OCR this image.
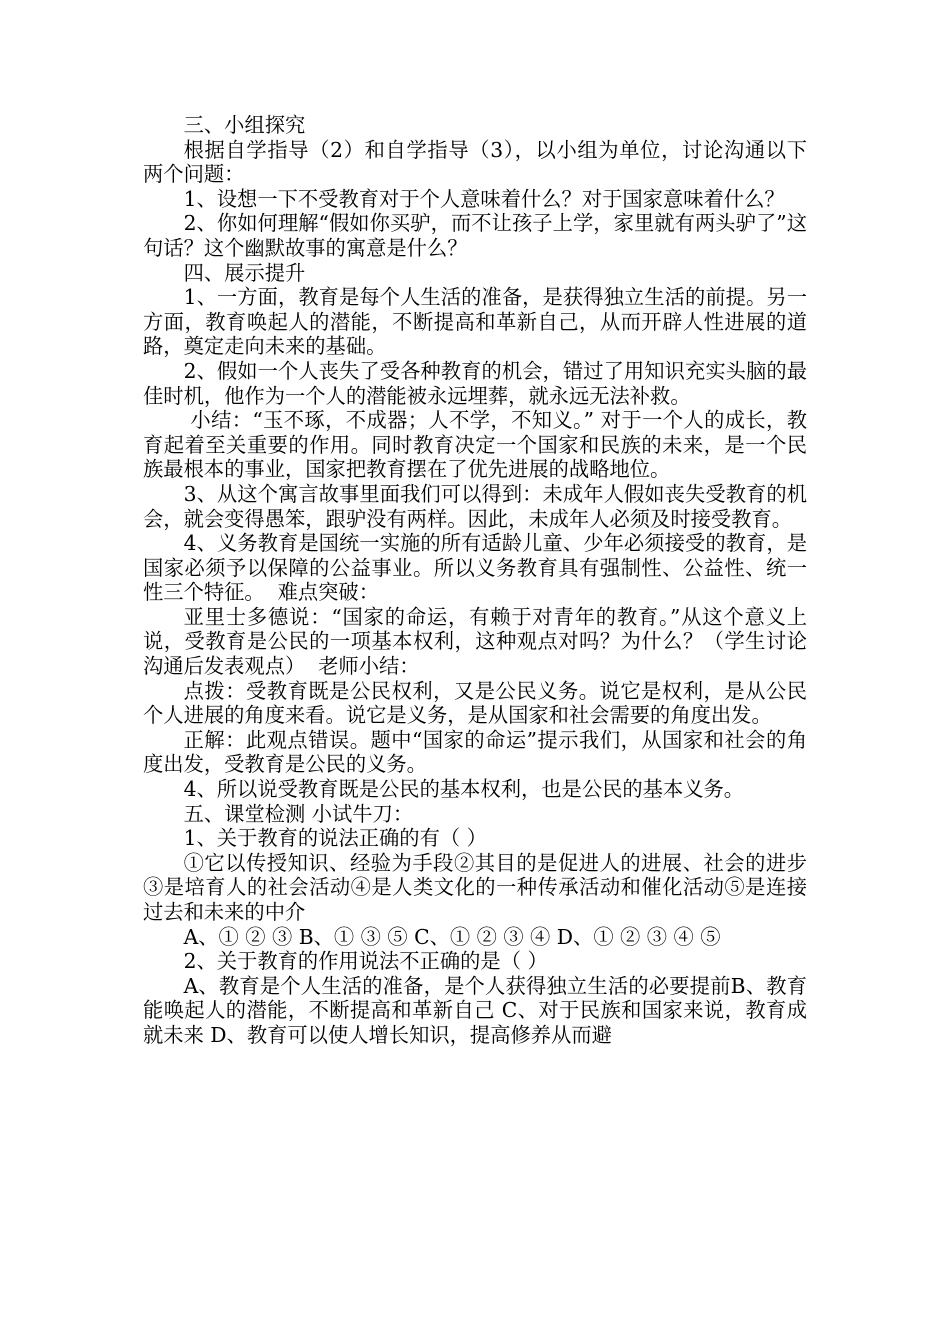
三、小组探究

根据自学指导（2）和自学指导（3），以小组为单位，讨论沟通以下两个问题：

1、设想一下不受教育对于个人意味着什么？对于国家意味着什么？

2、你如何理解“假如你买驴，而不让孩子上学，家里就有两头驴了”这句话？这个幽默故事的寓意是什么？

四、展示提升

1、一方面，教育是每个人生活的准备，是获得独立生活的前提。另一方面，教育唤起人的潜能，不断提高和革新自己，从而开辟人性进展的道路，奠定走向未来的基础。

2、假如一个人丧失了受各种教育的机会，错过了用知识充实头脑的最佳时机，他作为一个人的潜能被永远埋葬，就永远无法补救。

小结：“玉不琢，不成器；人不学，不知义。” 对于一个人的成长，教育起着至关重要的作用。同时教育决定一个国家和民族的未来，是一个民族最根本的事业，国家把教育摆在了优先进展的战略地位。

3、从这个寓言故事里面我们可以得到：未成年人假如丧失受教育的机会，就会变得愚笨，跟驴没有两样。因此，未成年人必须及时接受教育。

4、义务教育是国统一实施的所有适龄儿童、少年必须接受的教育，是国家必须予以保障的公益事业。所以义务教育具有强制性、公益性、统一性三个特征。  难点突破：

亚里士多德说：“国家的命运，有赖于对青年的教育。”从这个意义上说，受教育是公民的一项基本权利，这种观点对吗？为什么？（学生讨论沟通后发表观点）  老师小结：

点拨：受教育既是公民权利，又是公民义务。说它是权利，是从公民个人进展的角度来看。说它是义务，是从国家和社会需要的角度出发。

正解：此观点错误。题中“国家的命运”提示我们，从国家和社会的角度出发，受教育是公民的义务。

4、所以说受教育既是公民的基本权利，也是公民的基本义务。

五、课堂检测 小试牛刀：

1、关于教育的说法正确的有（ ）

①它以传授知识、经验为手段②其目的是促进人的进展、社会的进步③是培育人的社会活动④是人类文化的一种传承活动和催化活动⑤是连接过去和未来的中介

A、① ② ③ B、① ③ ⑤ C、① ② ③ ④ D、① ② ③ ④ ⑤

2、关于教育的作用说法不正确的是（ ）

A、教育是个人生活的准备，是个人获得独立生活的必要提前B、教育能唤起人的潜能，不断提高和革新自己 C、对于民族和国家来说，教育成就未来 D、教育可以使人增长知识，提高修养从而避
